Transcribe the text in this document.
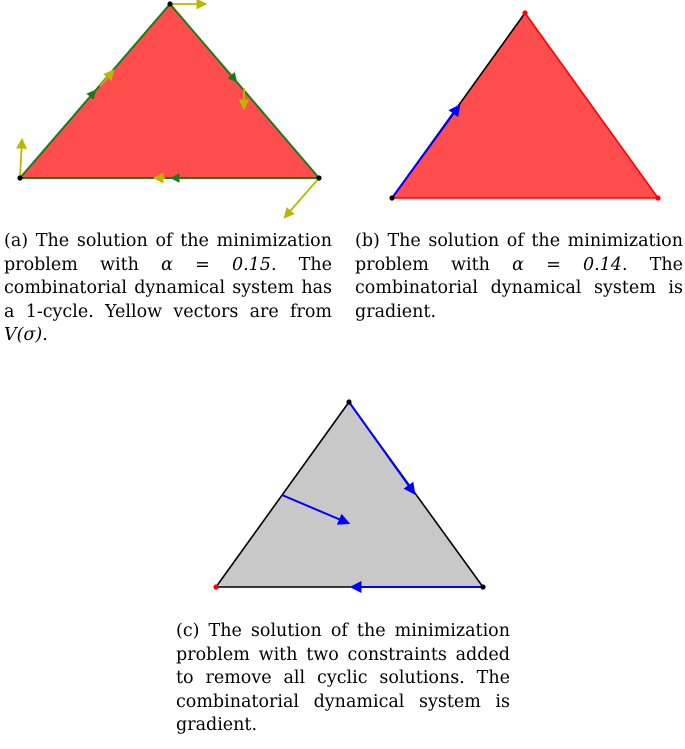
(a) The solution of the minimization problem with α = 0.15. The combinatorial dynamical system has a 1-cycle. Yellow vectors are from V(σ).

(b) The solution of the minimization problem with α = 0.14. The combinatorial dynamical system is gradient.

(c) The solution of the minimization problem with two constraints added to remove all cyclic solutions. The combinatorial dynamical system is gradient.
